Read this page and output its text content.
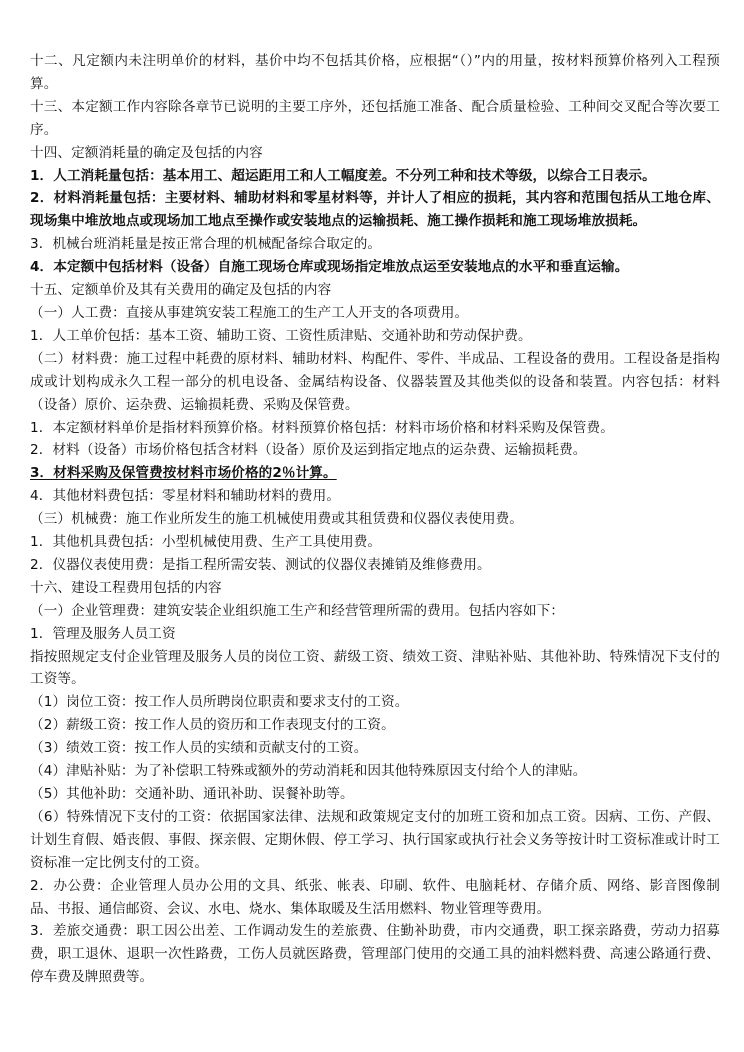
十二、凡定额内未注明单价的材料，基价中均不包括其价格，应根据“（）”内的用量，按材料预算价格列入工程预算。

十三、本定额工作内容除各章节已说明的主要工序外，还包括施工准备、配合质量检验、工种间交叉配合等次要工序。

十四、定额消耗量的确定及包括的内容

1．人工消耗量包括：基本用工、超运距用工和人工幅度差。不分列工种和技术等级，以综合工日表示。

2．材料消耗量包括：主要材料、辅助材料和零星材料等，并计人了相应的损耗，其内容和范围包括从工地仓库、现场集中堆放地点或现场加工地点至操作或安装地点的运输损耗、施工操作损耗和施工现场堆放损耗。

3．机械台班消耗量是按正常合理的机械配备综合取定的。

4．本定额中包括材料（设备）自施工现场仓库或现场指定堆放点运至安装地点的水平和垂直运输。

十五、定额单价及其有关费用的确定及包括的内容

（一）人工费：直接从事建筑安装工程施工的生产工人开支的各项费用。

1．人工单价包括：基本工资、辅助工资、工资性质津贴、交通补助和劳动保护费。

（二）材料费：施工过程中耗费的原材料、辅助材料、构配件、零件、半成品、工程设备的费用。工程设备是指构成或计划构成永久工程一部分的机电设备、金属结构设备、仪器装置及其他类似的设备和装置。内容包括：材料（设备）原价、运杂费、运输损耗费、采购及保管费。

1．本定额材料单价是指材料预算价格。材料预算价格包括：材料市场价格和材料采购及保管费。

2．材料（设备）市场价格包括含材料（设备）原价及运到指定地点的运杂费、运输损耗费。

3．材料采购及保管费按材料市场价格的2％计算。

4．其他材料费包括：零星材料和辅助材料的费用。

（三）机械费：施工作业所发生的施工机械使用费或其租赁费和仪器仪表使用费。

1．其他机具费包括：小型机械使用费、生产工具使用费。

2．仪器仪表使用费：是指工程所需安装、测试的仪器仪表摊销及维修费用。

十六、建设工程费用包括的内容

（一）企业管理费：建筑安装企业组织施工生产和经营管理所需的费用。包括内容如下：

1．管理及服务人员工资

指按照规定支付企业管理及服务人员的岗位工资、薪级工资、绩效工资、津贴补贴、其他补助、特殊情况下支付的工资等。

（1）岗位工资：按工作人员所聘岗位职责和要求支付的工资。

（2）薪级工资：按工作人员的资历和工作表现支付的工资。

（3）绩效工资：按工作人员的实绩和贡献支付的工资。

（4）津贴补贴：为了补偿职工特殊或额外的劳动消耗和因其他特殊原因支付给个人的津贴。

（5）其他补助：交通补助、通讯补助、误餐补助等。

（6）特殊情况下支付的工资：依据国家法律、法规和政策规定支付的加班工资和加点工资。因病、工伤、产假、计划生育假、婚丧假、事假、探亲假、定期休假、停工学习、执行国家或执行社会义务等按计时工资标准或计时工资标准一定比例支付的工资。

2．办公费：企业管理人员办公用的文具、纸张、帐表、印刷、软件、电脑耗材、存储介质、网络、影音图像制品、书报、通信邮资、会议、水电、烧水、集体取暖及生活用燃料、物业管理等费用。

3．差旅交通费：职工因公出差、工作调动发生的差旅费、住勤补助费，市内交通费，职工探亲路费，劳动力招募费，职工退休、退职一次性路费，工伤人员就医路费，管理部门使用的交通工具的油料燃料费、高速公路通行费、停车费及牌照费等。
